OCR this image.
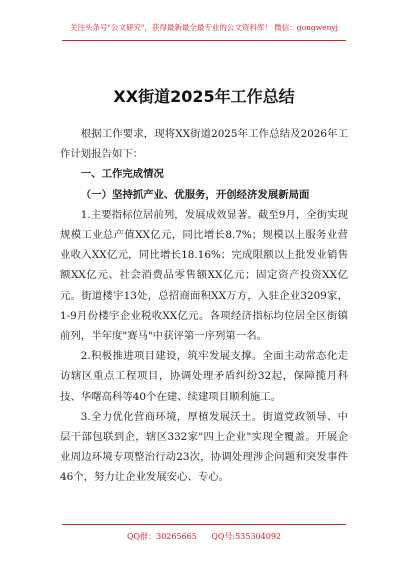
关注头条号"公文研究"，获得最新最全最专业的公文资料库！ 微信：gongwenyj
XX街道2025年工作总结

根据工作要求，现将XX街道2025年工作总结及2026年工作计划报告如下：

一、工作完成情况

（一）坚持抓产业、优服务，开创经济发展新局面

1.主要指标位居前列，发展成效显著。截至9月，全街实现规模工业总产值XX亿元，同比增长8.7%；规模以上服务业营业收入XX亿元，同比增长18.16%；完成限额以上批发业销售额XX亿元、社会消费品零售额XX亿元；固定资产投资XX亿元。街道楼宇13处，总招商面积XX万方，入驻企业3209家，1-9月份楼宇企业税收XX亿元。各项经济指标均位居全区街镇前列，半年度"赛马"中获评第一序列第一名。

2.积极推进项目建设，筑牢发展支撑。全面主动常态化走访辖区重点工程项目，协调处理矛盾纠纷32起，保障揽月科技、华曙高科等40个在建、续建项目顺利施工。

3.全力优化营商环境，厚植发展沃土。街道党政领导、中层干部包联到企，辖区332家"四上企业"实现全覆盖。开展企业周边环境专项整治行动23次，协调处理涉企问题和突发事件46个，努力让企业发展安心、专心。

QQ群：30265665 QQ号:535304092
